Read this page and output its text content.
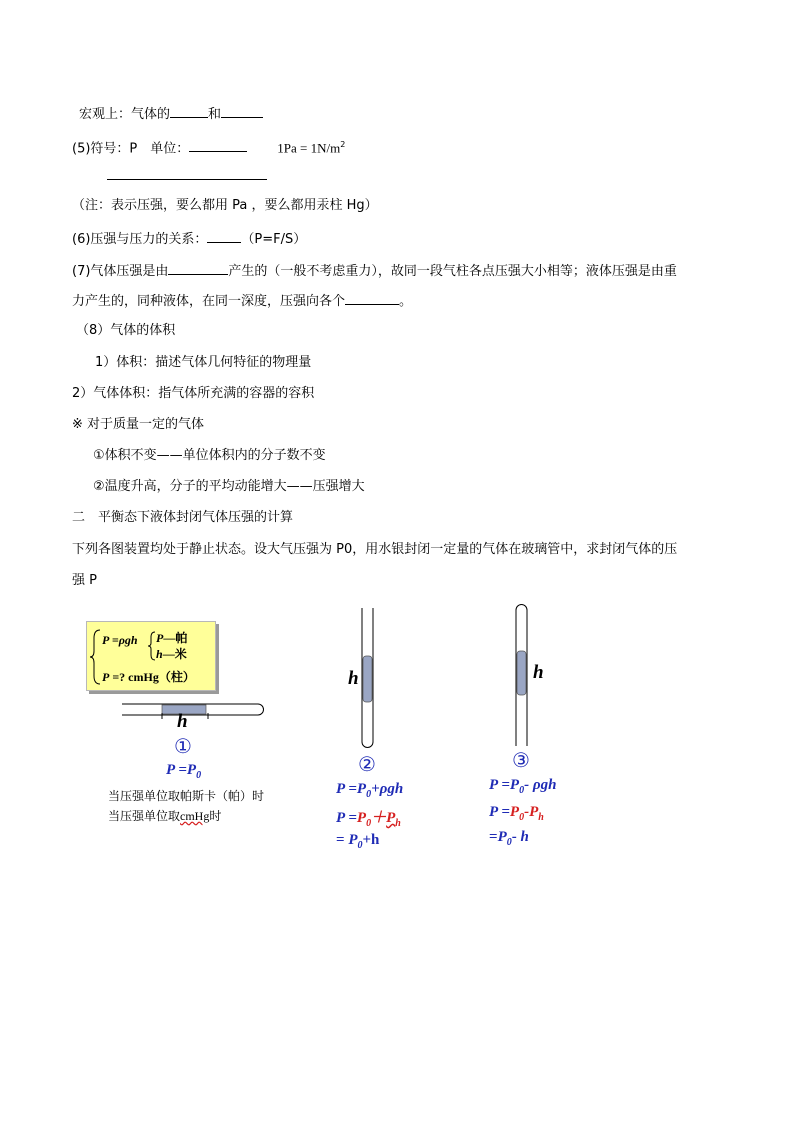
宏观上：气体的	和
(5)符号：P　单位：	$1Pa = 1N/m^2$
（注：表示压强，要么都用 Pa ，要么都用汞柱 Hg）
(6)压强与压力的关系：	（P=F/S）
(7)气体压强是由	产生的（一般不考虑重力），故同一段气柱各点压强大小相等；液体压强是由重
力产生的，同种液体，在同一深度，压强向各个	。
（8）气体的体积
1）体积：描述气体几何特征的物理量
2）气体体积：指气体所充满的容器的容积
※ 对于质量一定的气体
①体积不变——单位体积内的分子数不变
②温度升高，分子的平均动能增大——压强增大
二　平衡态下液体封闭气体压强的计算
下列各图装置均处于静止状态。设大气压强为 P0，用水银封闭一定量的气体在玻璃管中，求封闭气体的压
强 P
P =ρgh P—帕
h—米
P =? cmHg（柱）
h
①
$P =P_0$
当压强单位取帕斯卡（帕）时
当压强单位取cmHg时
h
②
$P =P_0+\rho gh$
$P =P_0+P_h$
= $P_0+h$
h
③
$P =P_0-$ ρgh
$P =P_0-P_h$
$=P_0-$ h
